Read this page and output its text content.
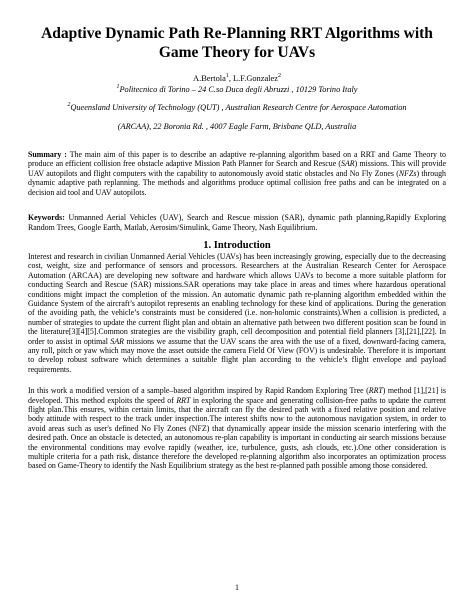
Adaptive Dynamic Path Re-Planning RRT Algorithms with Game Theory for UAVs
A.Bertola$^1$, L.F.Gonzalez$^2$
$^1$Politecnico di Torino – 24 C.so Duca degli Abruzzi , 10129 Torino Italy
$^2$Queensland University of Technology (QUT) , Australian Research Centre for Aerospace Automation
(ARCAA), 22 Boronia Rd. , 4007 Eagle Farm, Brisbane QLD, Australia

Summary : The main aim of this paper is to describe an adaptive re-planning algorithm based on a RRT and Game Theory to produce an efficient collision free obstacle adaptive Mission Path Planner for Search and Rescue (SAR) missions. This will provide UAV autopilots and flight computers with the capability to autonomously avoid static obstacles and No Fly Zones (NFZs) through dynamic adaptive path replanning. The methods and algorithms produce optimal collision free paths and can be integrated on a decision aid tool and UAV autopilots.

Keywords: Unmanned Aerial Vehicles (UAV), Search and Rescue mission (SAR), dynamic path planning,Rapidly Exploring Random Trees, Google Earth, Matlab, Aerosim/Simulink, Game Theory, Nash Equilibrium.

1. Introduction

Interest and research in civilian Unmanned Aerial Vehicles (UAVs) has been increasingly growing, especially due to the decreasing cost, weight, size and performance of sensors and processors. Researchers at the Australian Research Center for Aerospace Automation (ARCAA) are developing new software and hardware which allows UAVs to become a more suitable platform for conducting Search and Rescue (SAR) missions.SAR operations may take place in areas and times where hazardous operational conditions might impact the completion of the mission. An automatic dynamic path re-planning algorithm embedded within the Guidance System of the aircraft’s autopilot represents an enabling technology for these kind of applications. During the generation of the avoiding path, the vehicle’s constraints must be considered (i.e. non-holomic constraints).When a collision is predicted, a number of strategies to update the current flight plan and obtain an alternative path between two different position scan be found in the literature[3][4][5].Common strategies are the visibility graph, cell decomposition and potential field planners [3],[21],[22]. In order to assist in optimal SAR missions we assume that the UAV scans the area with the use of a fixed, downward-facing camera, any roll, pitch or yaw which may move the asset outside the camera Field Of View (FOV) is undesirable. Therefore it is important to develop robust software which determines a suitable flight plan according to the vehicle’s flight envelope and payload requirements.

In this work a modified version of a sample–based algorithm inspired by Rapid Random Exploring Tree (RRT) method [1],[21] is developed. This method exploits the speed of RRT in exploring the space and generating collision-free paths to update the current flight plan.This ensures, within certain limits, that the aircraft can fly the desired path with a fixed relative position and relative body attitude with respect to the track under inspection.The interest shifts now to the autonomous navigation system, in order to avoid areas such as user's defined No Fly Zones (NFZ) that dynamically appear inside the mission scenario interfering with the desired path. Once an obstacle is detected, an autonomous re-plan capability is important in conducting air search missions because the environmental conditions may evolve rapidly (weather, ice, turbulence, gusts, ash clouds, etc.).One other consideration is multiple criteria for a path risk, distance therefore the developed re-planning algorithm also incorporates an optimization process based on Game-Theory to identify the Nash Equilibrium strategy as the best re-planned path possible among those considered.

1
